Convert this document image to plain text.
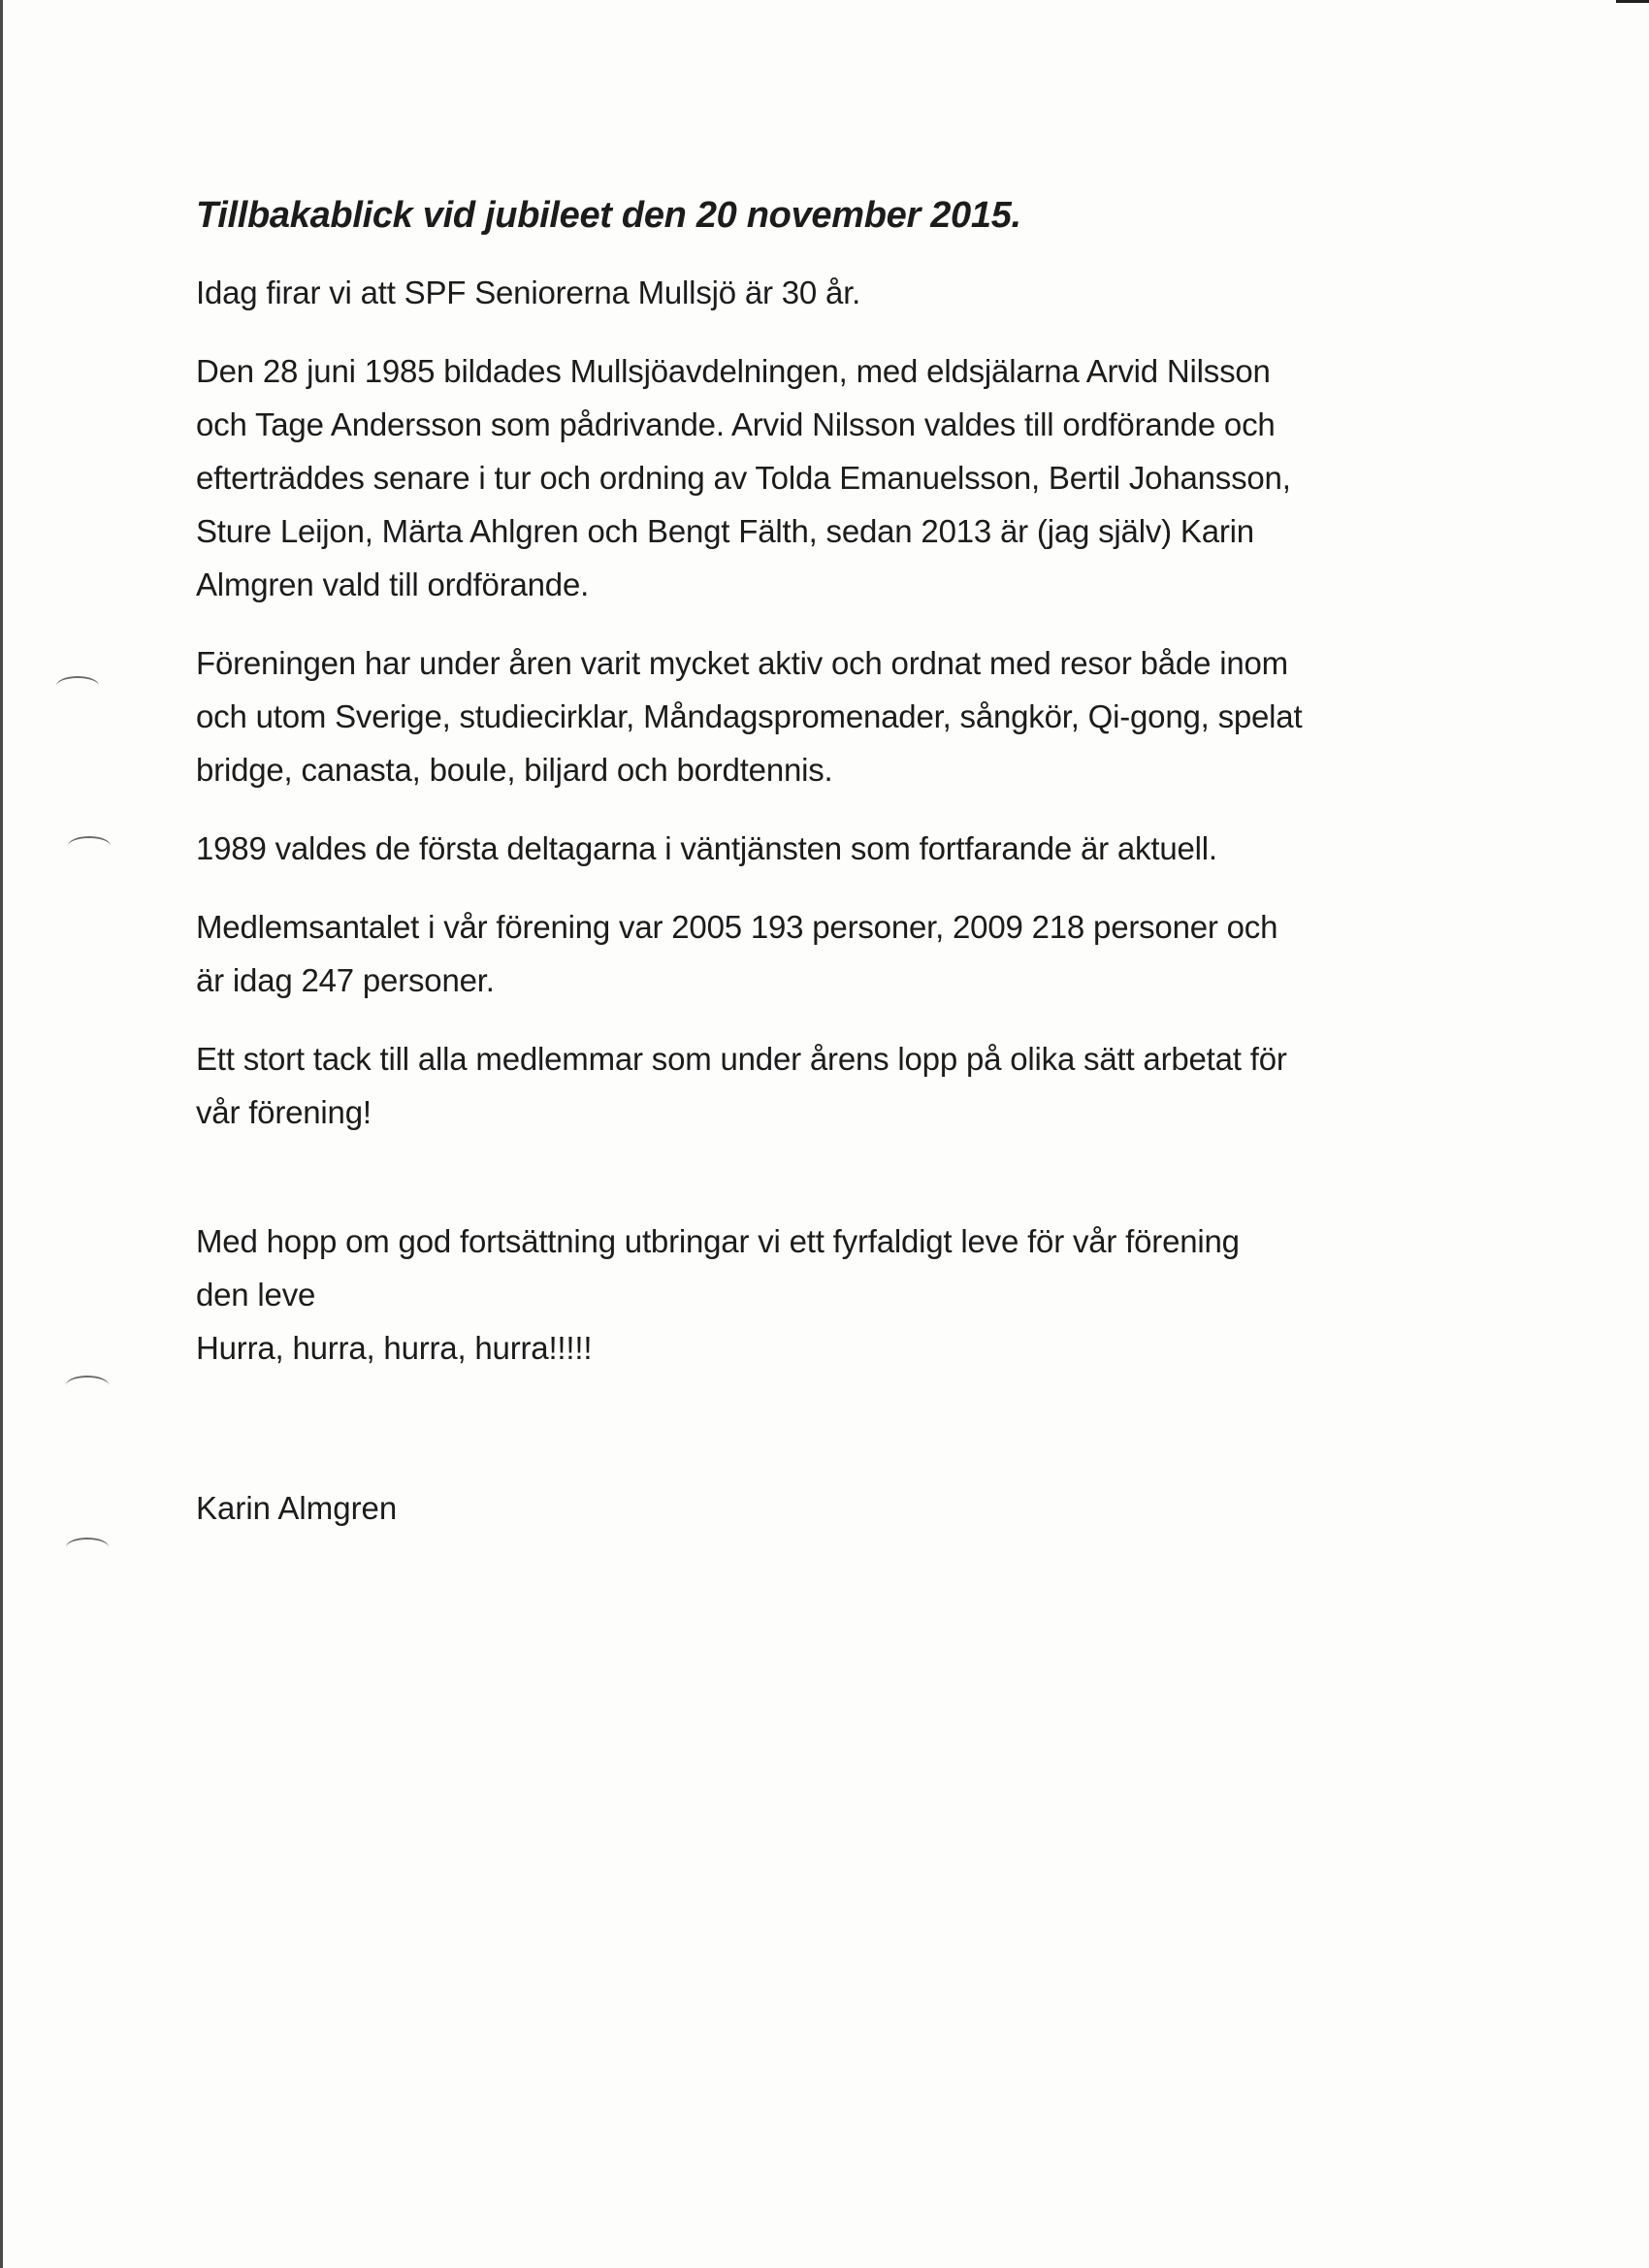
Tillbakablick vid jubileet den 20 november 2015.

Idag firar vi att SPF Seniorerna Mullsjö är 30 år.

Den 28 juni 1985 bildades Mullsjöavdelningen, med eldsjälarna Arvid Nilsson
och Tage Andersson som pådrivande. Arvid Nilsson valdes till ordförande och
efterträddes senare i tur och ordning av Tolda Emanuelsson, Bertil Johansson,
Sture Leijon, Märta Ahlgren och Bengt Fälth, sedan 2013 är (jag själv) Karin
Almgren vald till ordförande.

Föreningen har under åren varit mycket aktiv och ordnat med resor både inom
och utom Sverige, studiecirklar, Måndagspromenader, sångkör, Qi-gong, spelat
bridge, canasta, boule, biljard och bordtennis.

1989 valdes de första deltagarna i väntjänsten som fortfarande är aktuell.

Medlemsantalet i vår förening var 2005 193 personer, 2009 218 personer och
är idag 247 personer.

Ett stort tack till alla medlemmar som under årens lopp på olika sätt arbetat för
vår förening!

Med hopp om god fortsättning utbringar vi ett fyrfaldigt leve för vår förening
den leve
Hurra, hurra, hurra, hurra!!!!!

Karin Almgren
